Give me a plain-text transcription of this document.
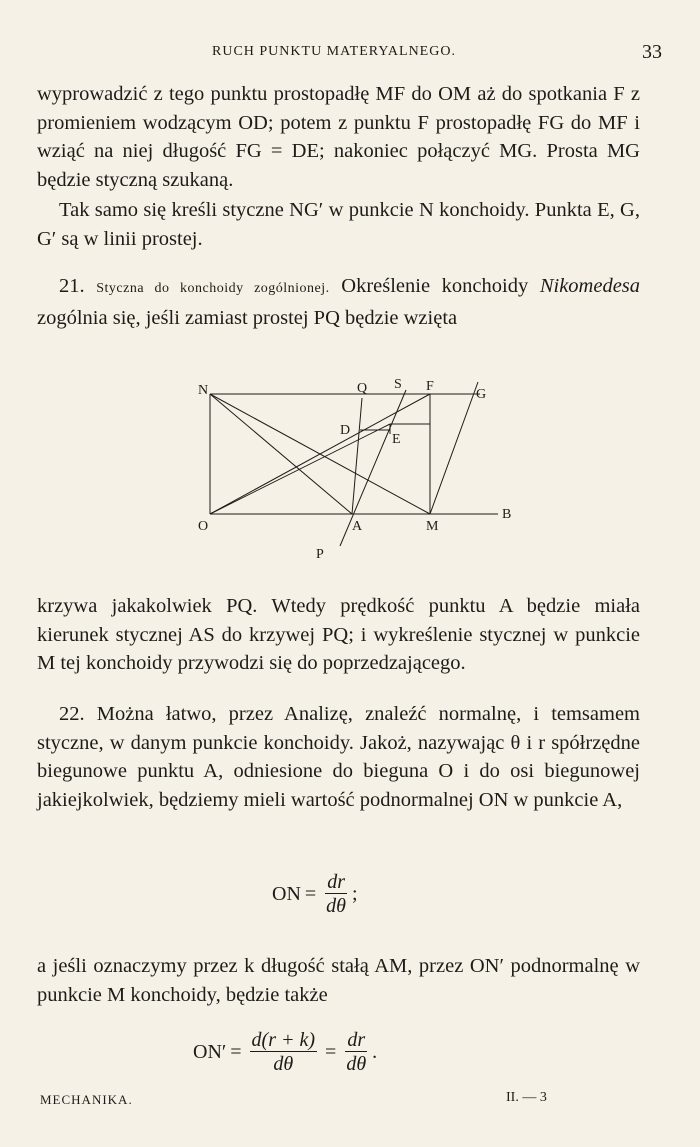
RUCH PUNKTU MATERYALNEGO.	33

wyprowadzić z tego punktu prostopadłę MF do OM aż do spotkania F z promieniem wodzącym OD; potem z punktu F prostopadłę FG do MF i wziąć na niej długość FG = DE; nakoniec połączyć MG. Prosta MG będzie styczną szukaną.

Tak samo się kreśli styczne NG′ w punkcie N konchoidy. Punkta E, G, G′ są w linii prostej.

21. Styczna do konchoidy zogólnionej. Określenie konchoidy Nikomedesa zogólnia się, jeśli zamiast prostej PQ będzie wzięta

N	Q S F
G
D
E
O	A	M
B
P

krzywa jakakolwiek PQ. Wtedy prędkość punktu A będzie miała kierunek stycznej AS do krzywej PQ; i wykreślenie stycznej w punkcie M tej konchoidy przywodzi się do poprzedzającego.

22. Można łatwo, przez Analizę, znaleźć normalnę, i temsamem styczne, w danym punkcie konchoidy. Jakoż, nazywając θ i r spółrzędne biegunowe punktu A, odniesione do bieguna O i do osi biegunowej jakiejkolwiek, będziemy mieli wartość podnormalnej ON w punkcie A,

ON = $\frac{dr}{d\theta}$ ;

a jeśli oznaczymy przez k długość stałą AM, przez ON′ podnormalnę w punkcie M konchoidy, będzie także

$ON' = \frac{d(r + k)}{d\theta} = \frac{dr}{d\theta}$ .
MECHANIKA.	II. — 3
